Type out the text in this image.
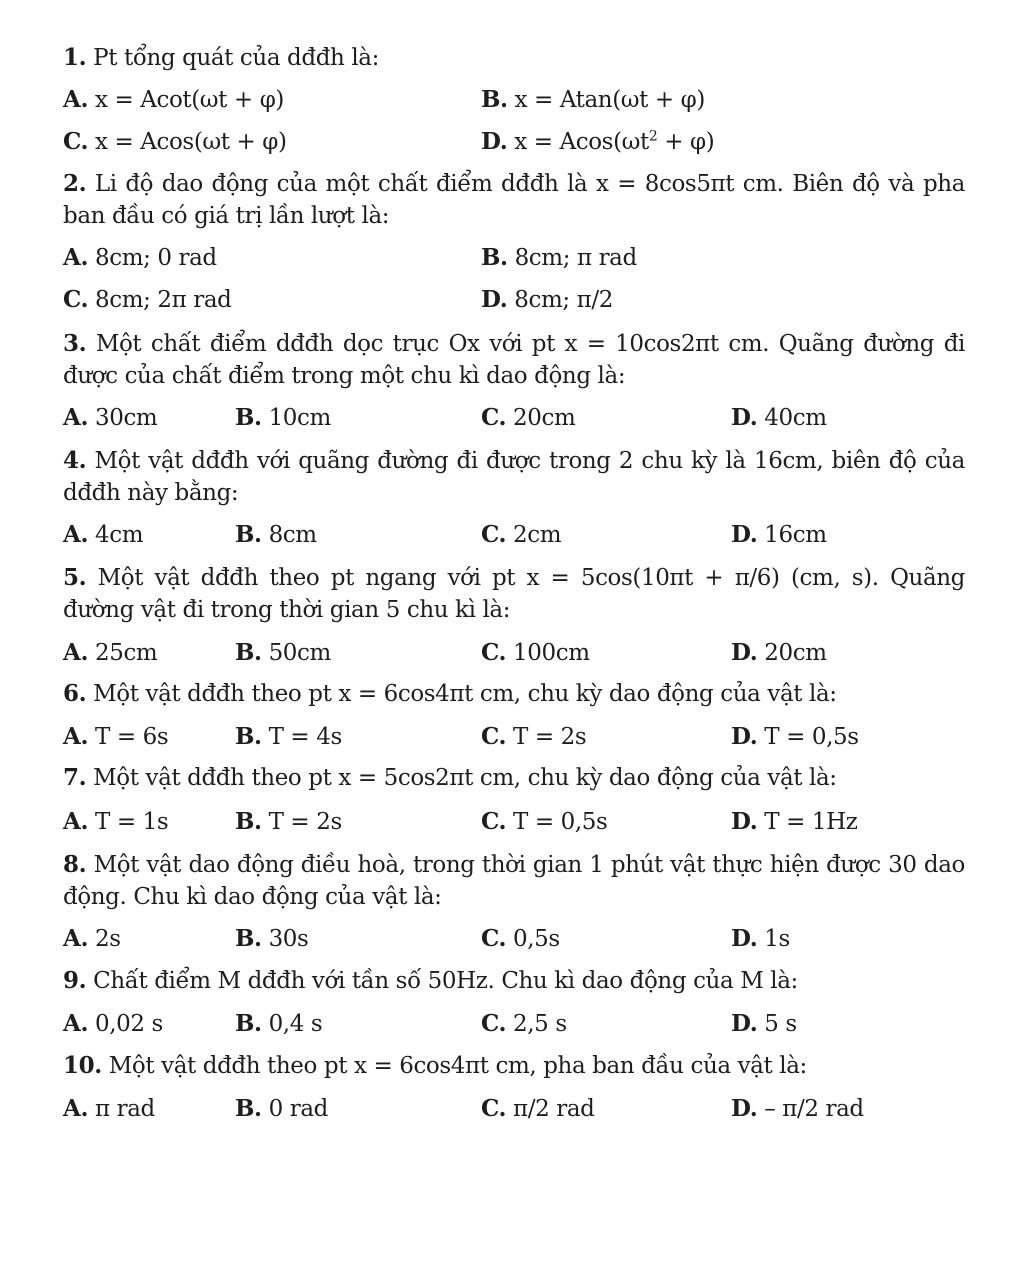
1. Pt tổng quát của dđđh là:
A. x = Acot(ωt + φ)	B. x = Atan(ωt + φ)
C. x = Acos(ωt + φ)	D. $x = Acos(\omega t^2 + \varphi)$
2. Li độ dao động của một chất điểm dđđh là x = 8cos5πt cm. Biên độ và pha ban đầu có giá trị lần lượt là:
A. 8cm; 0 rad	B. 8cm; π rad
C. 8cm; 2π rad	D. 8cm; π/2
3. Một chất điểm dđđh dọc trục Ox với pt x = 10cos2πt cm. Quãng đường đi được của chất điểm trong một chu kì dao động là:
A. 30cm	B. 10cm	C. 20cm	D. 40cm
4. Một vật dđđh với quãng đường đi được trong 2 chu kỳ là 16cm, biên độ của dđđh này bằng:
A. 4cm	B. 8cm	C. 2cm	D. 16cm
5. Một vật dđđh theo pt ngang với pt x = 5cos(10πt + π/6) (cm, s). Quãng đường vật đi trong thời gian 5 chu kì là:
A. 25cm	B. 50cm	C. 100cm	D. 20cm
6. Một vật dđđh theo pt x = 6cos4πt cm, chu kỳ dao động của vật là:
A. T = 6s	B. T = 4s	C. T = 2s	D. T = 0,5s
7. Một vật dđđh theo pt x = 5cos2πt cm, chu kỳ dao động của vật là:
A. T = 1s	B. T = 2s	C. T = 0,5s	D. T = 1Hz
8. Một vật dao động điều hoà, trong thời gian 1 phút vật thực hiện được 30 dao động. Chu kì dao động của vật là:
A. 2s	B. 30s	C. 0,5s	D. 1s
9. Chất điểm M dđđh với tần số 50Hz. Chu kì dao động của M là:
A. 0,02 s	B. 0,4 s	C. 2,5 s	D. 5 s
10. Một vật dđđh theo pt x = 6cos4πt cm, pha ban đầu của vật là:
A. π rad	B. 0 rad	C. π/2 rad	D. – π/2 rad
